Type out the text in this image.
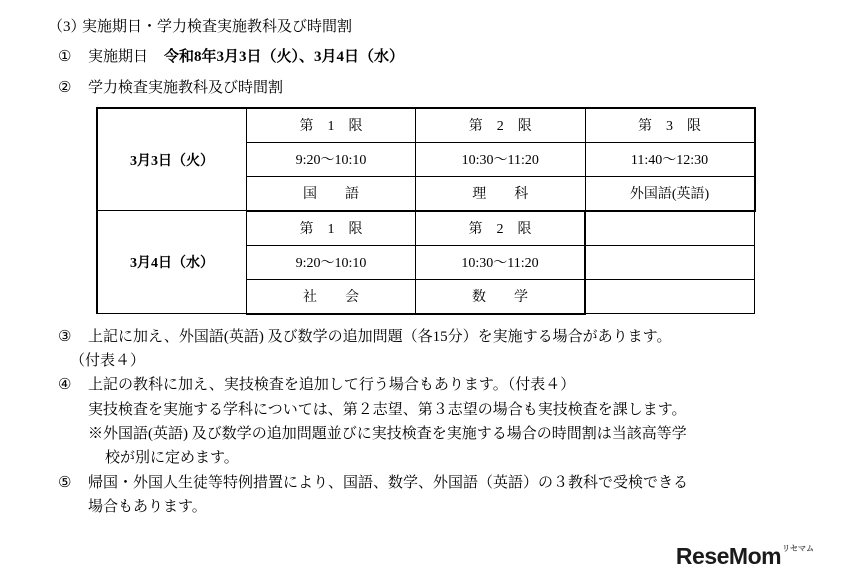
（3）
実施期日・学力検査実施教科及び時間割
①	実施期日	令和8年3月3日（火）、3月4日（水）
②	学力検査実施教科及び時間割
3月3日（火）	第　1　限	第　2　限	第　3　限
	9:20〜10:10	10:30〜11:20	11:40〜12:30
	国　　語	理　　科	外国語(英語)
3月4日（水）	第　1　限	第　2　限	
	9:20〜10:10	10:30〜11:20	
	社　　会	数　　学	
③	上記に加え、外国語(英語) 及び数学の追加問題（各15分）を実施する場合があります。
（付表４）
④	上記の教科に加え、実技検査を追加して行う場合もあります。（付表４）
実技検査を実施する学科については、第２志望、第３志望の場合も実技検査を課します。
※外国語(英語) 及び数学の追加問題並びに実技検査を実施する場合の時間割は当該高等学
校が別に定めます。
⑤	帰国・外国人生徒等特例措置により、国語、数学、外国語（英語）の３教科で受検できる
場合もあります。
ReseMomリセマム
